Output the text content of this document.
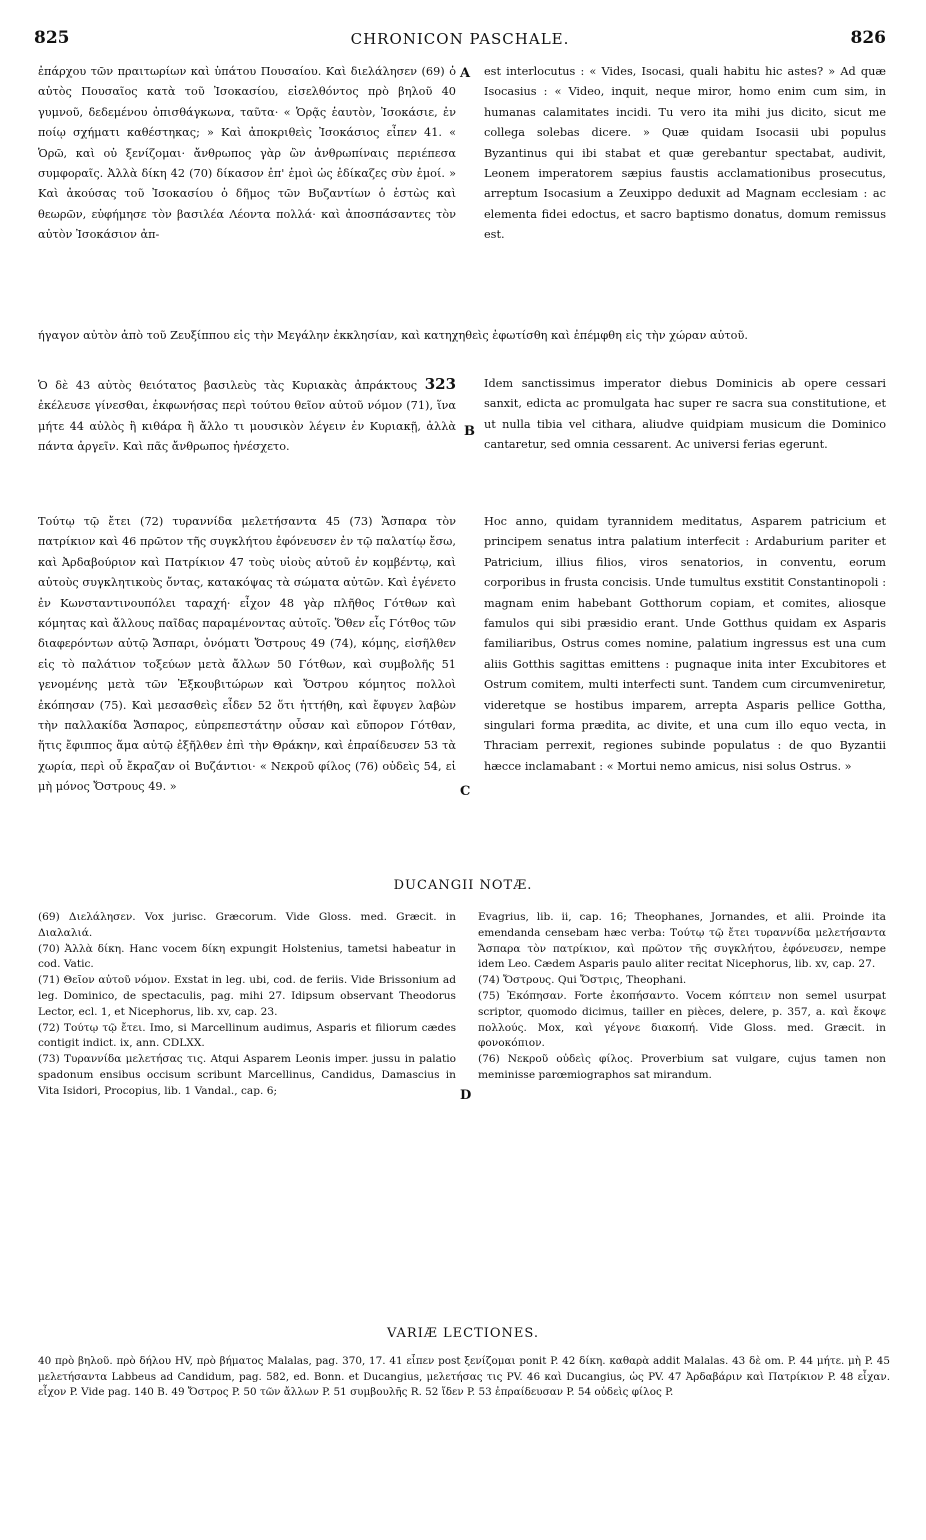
825	CHRONICON PASCHALE.	826
ἐπάρχου τῶν πραιτωρίων καὶ ὑπάτου Πουσαίου. Καὶ διελάλησεν (69) ὁ αὐτὸς Πουσαῖος κατὰ τοῦ Ἰσοκασίου, εἰσελθόντος πρὸ βηλοῦ 40 γυμνοῦ, δεδεμένου ὀπισθάγκωνα, ταῦτα· « Ὁρᾷς ἑαυτὸν, Ἰσοκάσιε, ἐν ποίῳ σχήματι καθέστηκας; » Καὶ ἀποκριθεὶς Ἰσοκάσιος εἶπεν 41. « Ὁρῶ, καὶ οὐ ξενίζομαι· ἄνθρωπος γὰρ ὢν ἀνθρωπίναις περιέπεσα συμφοραῖς. Ἀλλὰ δίκη 42 (70) δίκασον ἐπ' ἐμοὶ ὡς ἐδίκαζες σὺν ἐμοί. » Καὶ ἀκούσας τοῦ Ἰσοκασίου ὁ δῆμος τῶν Βυζαντίων ὁ ἑστὼς καὶ θεωρῶν, εὐφήμησε τὸν βασιλέα Λέοντα πολλά· καὶ ἀποσπάσαντες τὸν αὐτὸν Ἰσοκάσιον ἀπ-
A est interlocutus : « Vides, Isocasi, quali habitu hic astes? » Ad quæ Isocasius : « Video, inquit, neque miror, homo enim cum sim, in humanas calamitates incidi. Tu vero ita mihi jus dicito, sicut me collega solebas dicere. » Quæ quidam Isocasii ubi populus Byzantinus qui ibi stabat et quæ gerebantur spectabat, audivit, Leonem imperatorem sæpius faustis acclamationibus prosecutus, arreptum Isocasium a Zeuxippo deduxit ad Magnam ecclesiam : ac elementa fidei edoctus, et sacro baptismo donatus, domum remissus est.
ήγαγον αὐτὸν ἀπὸ τοῦ Ζευξίππου εἰς τὴν Μεγάλην ἐκκλησίαν, καὶ κατηχηθεὶς ἐφωτίσθη καὶ ἐπέμφθη εἰς τὴν χώραν αὐτοῦ.
Ὁ δὲ 43 αὐτὸς θειότατος βασιλεὺς τὰς Κυριακὰς ἀπράκτους 323 ἐκέλευσε γίνεσθαι, ἐκφωνήσας περὶ τούτου θεῖον αὐτοῦ νόμον (71), ἵνα μήτε 44 αὐλὸς ἢ κιθάρα ἢ ἄλλο τι μουσικὸν λέγειν ἐν Κυριακῇ, ἀλλὰ πάντα ἀργεῖν. Καὶ πᾶς ἄνθρωπος ἠνέσχετο.
B
Idem sanctissimus imperator diebus Dominicis ab opere cessari sanxit, edicta ac promulgata hac super re sacra sua constitutione, et ut nulla tibia vel cithara, aliudve quidpiam musicum die Dominico cantaretur, sed omnia cessarent. Ac universi ferias egerunt.
Τούτῳ τῷ ἔτει (72) τυραννίδα μελετήσαντα 45 (73) Ἄσπαρα τὸν πατρίκιον καὶ 46 πρῶτον τῆς συγκλήτου ἐφόνευσεν ἐν τῷ παλατίῳ ἔσω, καὶ Ἀρδαβούριον καὶ Πατρίκιον 47 τοὺς υἱοὺς αὐτοῦ ἐν κομβέντῳ, καὶ αὐτοὺς συγκλητικοὺς ὄντας, κατακόψας τὰ σώματα αὐτῶν. Καὶ ἐγένετο ἐν Κωνσταντινουπόλει ταραχή· εἶχον 48 γὰρ πλῆθος Γότθων καὶ κόμητας καὶ ἄλλους παῖδας παραμένοντας αὐτοῖς. Ὅθεν εἷς Γότθος τῶν διαφερόντων αὐτῷ Ἄσπαρι, ὀνόματι Ὄστρους 49 (74), κόμης, εἰσῆλθεν εἰς τὸ παλάτιον τοξεύων μετὰ ἄλλων 50 Γότθων, καὶ συμβολῆς 51 γενομένης μετὰ τῶν Ἐξκουβιτώρων καὶ Ὄστρου κόμητος πολλοὶ ἐκόπησαν (75). Καὶ μεσασθεὶς εἶδεν 52 ὅτι ἡττήθη, καὶ ἔφυγεν λαβὼν τὴν παλλακίδα Ἄσπαρος, εὐπρεπεστάτην οὖσαν καὶ εὔπορον Γότθαν, ἥτις ἔφιππος ἅμα αὐτῷ ἐξῆλθεν ἐπὶ τὴν Θράκην, καὶ ἐπραίδευσεν 53 τὰ χωρία, περὶ οὗ ἔκραζαν οἱ Βυζάντιοι· « Νεκροῦ φίλος (76) οὐδεὶς 54, εἰ μὴ μόνος Ὄστρους 49. »	C
Hoc anno, quidam tyrannidem meditatus, Asparem patricium et principem senatus intra palatium interfecit : Ardaburium pariter et Patricium, illius filios, viros senatorios, in conventu, eorum corporibus in frusta concisis. Unde tumultus exstitit Constantinopoli : magnam enim habebant Gotthorum copiam, et comites, aliosque famulos qui sibi præsidio erant. Unde Gotthus quidam ex Asparis familiaribus, Ostrus comes nomine, palatium ingressus est una cum aliis Gotthis sagittas emittens : pugnaque inita inter Excubitores et Ostrum comitem, multi interfecti sunt. Tandem cum circumveniretur, videretque se hostibus imparem, arrepta Asparis pellice Gottha, singulari forma prædita, ac divite, et una cum illo equo vecta, in Thraciam perrexit, regiones subinde populatus : de quo Byzantii hæcce inclamabant : « Mortui nemo amicus, nisi solus Ostrus. »
DUCANGII NOTÆ.

(69) Διελάλησεν. Vox jurisc. Græcorum. Vide Gloss. med. Græcit. in Διαλαλιά.

(70) Ἀλλὰ δίκη. Hanc vocem δίκη expungit Holstenius, tametsi habeatur in cod. Vatic.

(71) Θεῖον αὐτοῦ νόμον. Exstat in leg. ubi, cod. de feriis. Vide Brissonium ad leg. Dominico, de spectaculis, pag. mihi 27. Idipsum observant Theodorus Lector, ecl. 1, et Nicephorus, lib. xv, cap. 23.

(72) Τούτῳ τῷ ἔτει. Imo, si Marcellinum audimus, Asparis et filiorum cædes contigit indict. ix, ann. CDLXX.

(73) Τυραννίδα μελετήσας τις. Atqui Asparem Leonis imper. jussu in palatio spadonum ensibus occisum scribunt Marcellinus, Candidus, Damascius in Vita Isidori, Procopius, lib. 1 Vandal., cap. 6;	D

Evagrius, lib. ii, cap. 16; Theophanes, Jornandes, et alii. Proinde ita emendanda censebam hæc verba: Τούτῳ τῷ ἔτει τυραννίδα μελετήσαντα Ἄσπαρα τὸν πατρίκιον, καὶ πρῶτον τῆς συγκλήτου, ἐφόνευσεν, nempe idem Leo. Cædem Asparis paulo aliter recitat Nicephorus, lib. xv, cap. 27.

(74) Ὄστρους. Qui Ὄστρις, Theophani.

(75) Ἐκόπησαν. Forte ἐκοπήσαντο. Vocem κόπτειν non semel usurpat scriptor, quomodo dicimus, tailler en pièces, delere, p. 357, a. καὶ ἔκοψε πολλούς. Mox, καὶ γέγονε διακοπή. Vide Gloss. med. Græcit. in φονοκόπιον.

(76) Νεκροῦ οὐδεὶς φίλος. Proverbium sat vulgare, cujus tamen non meminisse parœmiographos sat mirandum.

VARIÆ LECTIONES.
40 πρὸ βηλοῦ. πρὸ δήλου HV, πρὸ βήματος Malalas, pag. 370, 17. 41 εἶπεν post ξενίζομαι ponit P. 42 δίκη. καθαρὰ addit Malalas. 43 δὲ om. P. 44 μήτε. μὴ P. 45 μελετήσαντα Labbeus ad Candidum, pag. 582, ed. Bonn. et Ducangius, μελετήσας τις PV. 46 καὶ Ducangius, ὡς PV. 47 Ἀρδαβάριν καὶ Πατρίκιον P. 48 εἶχαν. εἶχον P. Vide pag. 140 B. 49 Ὄστρος P. 50 τῶν ἄλλων P. 51 συμβουλῆς R. 52 ἴδεν P. 53 ἐπραίδευσαν P. 54 οὐδεὶς φίλος P.
